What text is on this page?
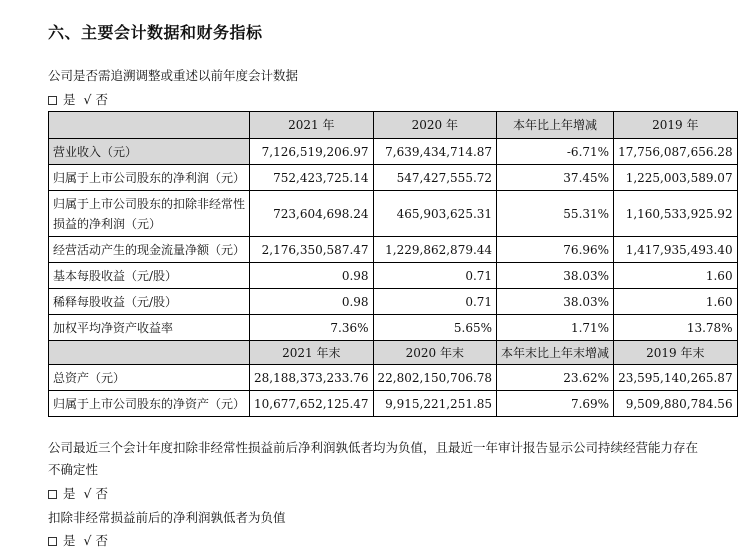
六、主要会计数据和财务指标
公司是否需追溯调整或重述以前年度会计数据
是 √ 否
	2021 年	2020 年	本年比上年增减	2019 年
营业收入（元）	7,126,519,206.97	7,639,434,714.87	-6.71%	17,756,087,656.28
归属于上市公司股东的净利润（元）	752,423,725.14	547,427,555.72	37.45%	1,225,003,589.07
归属于上市公司股东的扣除非经常性损益的净利润（元）	723,604,698.24	465,903,625.31	55.31%	1,160,533,925.92
经营活动产生的现金流量净额（元）	2,176,350,587.47	1,229,862,879.44	76.96%	1,417,935,493.40
基本每股收益（元/股）	0.98	0.71	38.03%	1.60
稀释每股收益（元/股）	0.98	0.71	38.03%	1.60
加权平均净资产收益率	7.36%	5.65%	1.71%	13.78%
	2021 年末	2020 年末	本年末比上年末增减	2019 年末
总资产（元）	28,188,373,233.76	22,802,150,706.78	23.62%	23,595,140,265.87
归属于上市公司股东的净资产（元）	10,677,652,125.47	9,915,221,251.85	7.69%	9,509,880,784.56
公司最近三个会计年度扣除非经常性损益前后净利润孰低者均为负值，且最近一年审计报告显示公司持续经营能力存在不确定性
是 √ 否
扣除非经常损益前后的净利润孰低者为负值
是 √ 否
